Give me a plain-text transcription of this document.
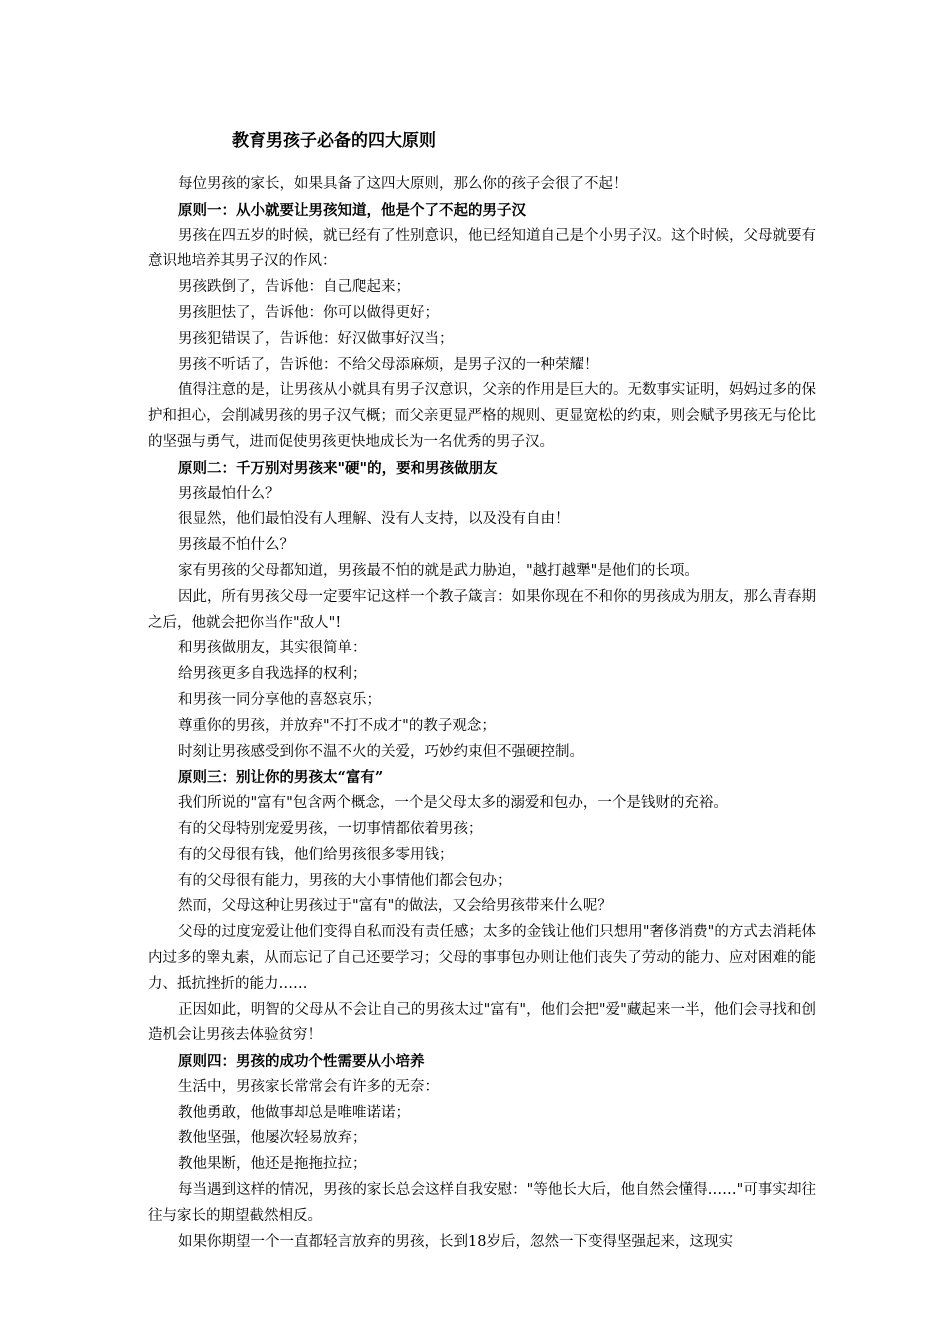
教育男孩子必备的四大原则

每位男孩的家长，如果具备了这四大原则，那么你的孩子会很了不起！

原则一：从小就要让男孩知道，他是个了不起的男子汉

男孩在四五岁的时候，就已经有了性别意识，他已经知道自己是个小男子汉。这个时候，父母就要有意识地培养其男子汉的作风：

男孩跌倒了，告诉他：自己爬起来；

男孩胆怯了，告诉他：你可以做得更好；

男孩犯错误了，告诉他：好汉做事好汉当；

男孩不听话了，告诉他：不给父母添麻烦，是男子汉的一种荣耀！

值得注意的是，让男孩从小就具有男子汉意识，父亲的作用是巨大的。无数事实证明，妈妈过多的保护和担心，会削减男孩的男子汉气概；而父亲更显严格的规则、更显宽松的约束，则会赋予男孩无与伦比的坚强与勇气，进而促使男孩更快地成长为一名优秀的男子汉。

原则二：千万别对男孩来"硬"的，要和男孩做朋友

男孩最怕什么？

很显然，他们最怕没有人理解、没有人支持，以及没有自由！

男孩最不怕什么？

家有男孩的父母都知道，男孩最不怕的就是武力胁迫，"越打越犟"是他们的长项。

因此，所有男孩父母一定要牢记这样一个教子箴言：如果你现在不和你的男孩成为朋友，那么青春期之后，他就会把你当作"敌人"!

和男孩做朋友，其实很简单：

给男孩更多自我选择的权利；

和男孩一同分享他的喜怒哀乐；

尊重你的男孩，并放弃"不打不成才"的教子观念；

时刻让男孩感受到你不温不火的关爱，巧妙约束但不强硬控制。

原则三：别让你的男孩太“富有”

我们所说的"富有"包含两个概念，一个是父母太多的溺爱和包办，一个是钱财的充裕。

有的父母特别宠爱男孩，一切事情都依着男孩；

有的父母很有钱，他们给男孩很多零用钱；

有的父母很有能力，男孩的大小事情他们都会包办；

然而，父母这种让男孩过于"富有"的做法，又会给男孩带来什么呢？

父母的过度宠爱让他们变得自私而没有责任感；太多的金钱让他们只想用"奢侈消费"的方式去消耗体内过多的睾丸素，从而忘记了自己还要学习；父母的事事包办则让他们丧失了劳动的能力、应对困难的能力、抵抗挫折的能力……

正因如此，明智的父母从不会让自己的男孩太过"富有"，他们会把"爱"藏起来一半，他们会寻找和创造机会让男孩去体验贫穷！

原则四：男孩的成功个性需要从小培养

生活中，男孩家长常常会有许多的无奈：

教他勇敢，他做事却总是唯唯诺诺；

教他坚强，他屡次轻易放弃；

教他果断，他还是拖拖拉拉；

每当遇到这样的情况，男孩的家长总会这样自我安慰："等他长大后，他自然会懂得……"可事实却往往与家长的期望截然相反。

如果你期望一个一直都轻言放弃的男孩，长到18岁后，忽然一下变得坚强起来，这现实
